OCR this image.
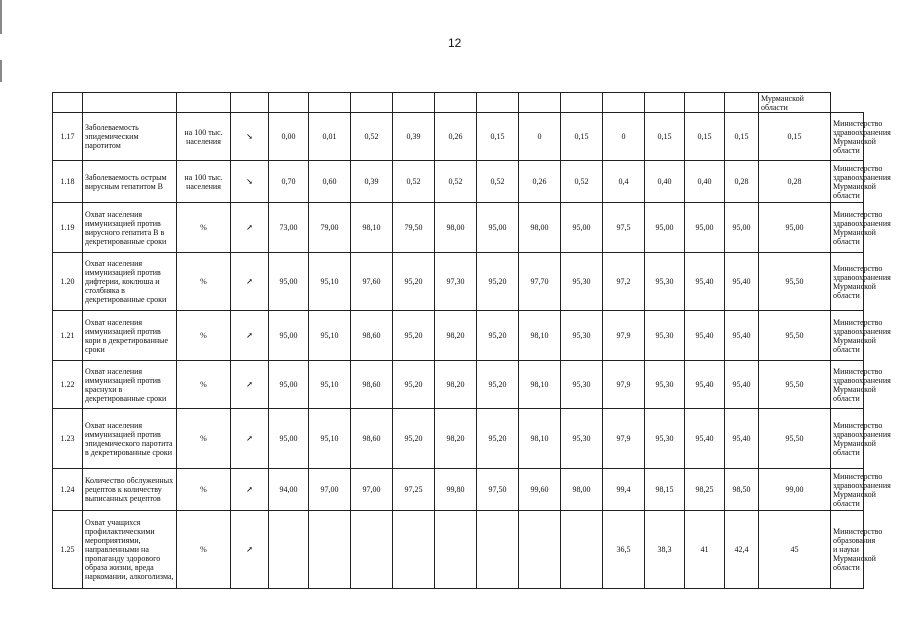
12
																Мурманской области	
1.17	Заболеваемость эпидемическим паротитом	на 100 тыс. населения	↘	0,00	0,01	0,52	0,39	0,26	0,15	0	0,15	0	0,15	0,15	0,15	0,15	Министерство здравоохранения Мурманской области
1.18	Заболеваемость острым вирусным гепатитом В	на 100 тыс. населения	↘	0,70	0,60	0,39	0,52	0,52	0,52	0,26	0,52	0,4	0,40	0,40	0,28	0,28	Министерство здравоохранения Мурманской области
1.19	Охват населения иммунизацией против вирусного гепатита В в декретированные сроки	%	↗	73,00	79,00	98,10	79,50	98,00	95,00	98,00	95,00	97,5	95,00	95,00	95,00	95,00	Министерство здравоохранения Мурманской области
1.20	Охват населения иммунизацией против дифтерии, коклюша и столбняка в декретированные сроки	%	↗	95,00	95,10	97,60	95,20	97,30	95,20	97,70	95,30	97,2	95,30	95,40	95,40	95,50	Министерство здравоохранения Мурманской области
1.21	Охват населения иммунизацией против кори в декретированные сроки	%	↗	95,00	95,10	98,60	95,20	98,20	95,20	98,10	95,30	97,9	95,30	95,40	95,40	95,50	Министерство здравоохранения Мурманской области
1.22	Охват населения иммунизацией против краснухи в декретированные сроки	%	↗	95,00	95,10	98,60	95,20	98,20	95,20	98,10	95,30	97,9	95,30	95,40	95,40	95,50	Министерство здравоохранения Мурманской области
1.23	Охват населения иммунизацией против эпидемического паротита в декретированные сроки	%	↗	95,00	95,10	98,60	95,20	98,20	95,20	98,10	95,30	97,9	95,30	95,40	95,40	95,50	Министерство здравоохранения Мурманской области
1.24	Количество обслуженных рецептов к количеству выписанных рецептов	%	↗	94,00	97,00	97,00	97,25	99,80	97,50	99,60	98,00	99,4	98,15	98,25	98,50	99,00	Министерство здравоохранения Мурманской области
1.25	Охват учащихся профилактическими мероприятиями, направленными на пропаганду здорового образа жизни, вреда наркомании, алкоголизма,	%	↗									36,5	38,3	41	42,4	45	Министерство образования и науки Мурманской области
